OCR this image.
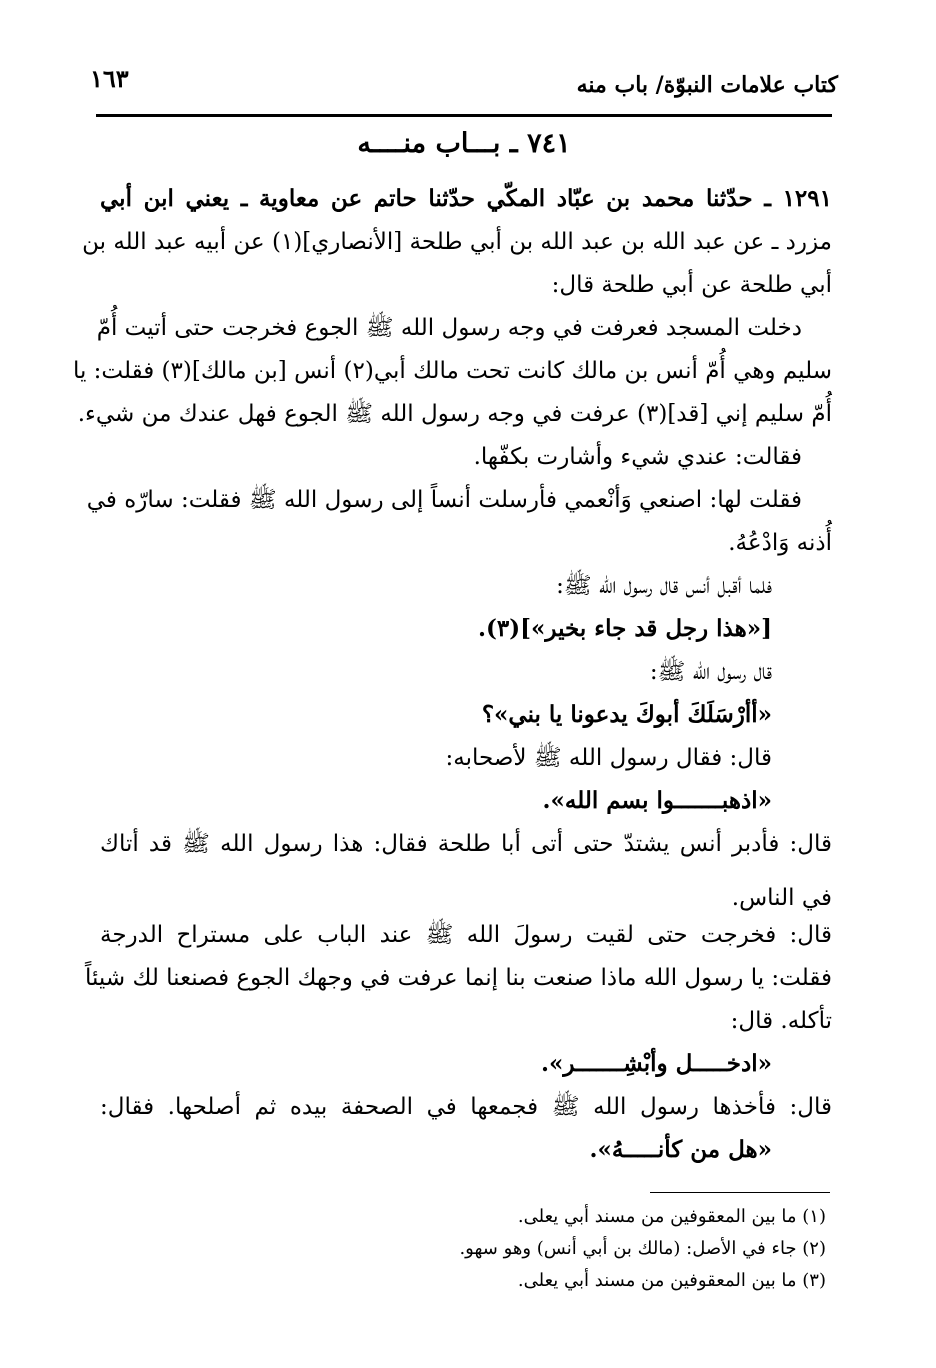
كتاب علامات النبوّة/ باب منه
١٦٣
٧٤١ ـ بـــاب منــــه
١٢٩١ ـ حدّثنا محمد بن عبّاد المكّي حدّثنا حاتم عن معاوية ـ يعني ابن أبي
مزرد ـ عن عبد الله بن عبد الله بن أبي طلحة [الأنصاري](١) عن أبيه عبد الله بن
أبي طلحة عن أبي طلحة قال:
دخلت المسجد فعرفت في وجه رسول الله ﷺ الجوع فخرجت حتى أتيت أُمّ
سليم وهي أُمّ أنس بن مالك كانت تحت مالك أبي(٢) أنس [بن مالك](٣) فقلت: يا
أُمّ سليم إني [قد](٣) عرفت في وجه رسول الله ﷺ الجوع فهل عندك من شيء.
فقالت: عندي شيء وأشارت بكفّها.
فقلت لها: اصنعي وَأنْعمي فأرسلت أنساً إلى رسول الله ﷺ فقلت: سارّه في
أُذنه وَادْعُهُ.
فلما أقبل أنس قال رسول الله ﷺ:
[«هذا رجل قد جاء بخير»](٣).
قال رسول الله ﷺ:
«أأرْسَلَكَ أبوكَ يدعونا يا بني»؟
قال: فقال رسول الله ﷺ لأصحابه:
«اذهبـــــــوا بسم الله».
قال: فأدبر أنس يشتدّ حتى أتى أبا طلحة فقال: هذا رسول الله ﷺ قد أتاك
في الناس.
قال: فخرجت حتى لقيت رسولَ الله ﷺ عند الباب على مستراح الدرجة
فقلت: يا رسول الله ماذا صنعت بنا إنما عرفت في وجهك الجوع فصنعنا لك شيئاً
تأكله. قال:
«ادخـــــل وأبْشِـــــــر».
قال: فأخذها رسول الله ﷺ فجمعها في الصحفة بيده ثم أصلحها. فقال:
«هل من كأنـــــهُ».
(١) ما بين المعقوفين من مسند أبي يعلى.
(٢) جاء في الأصل: (مالك بن أبي أنس) وهو سهو.
(٣) ما بين المعقوفين من مسند أبي يعلى.
